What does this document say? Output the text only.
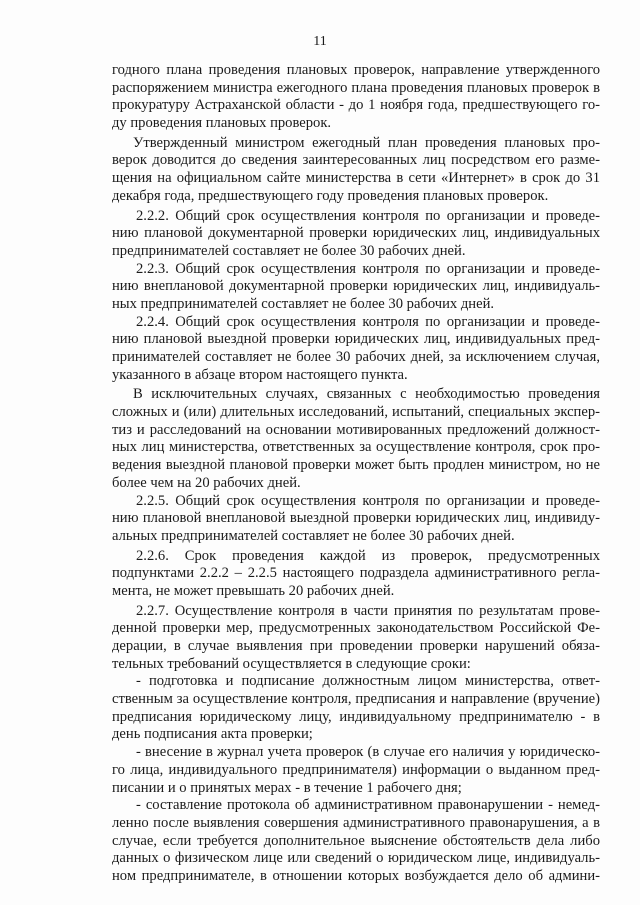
11
годного плана проведения плановых проверок, направление утвержденного
распоряжением министра ежегодного плана проведения плановых проверок в
прокуратуру Астраханской области - до 1 ноября года, предшествующего го-
ду проведения плановых проверок.
Утвержденный министром ежегодный план проведения плановых про-
верок доводится до сведения заинтересованных лиц посредством его разме-
щения на официальном сайте министерства в сети «Интернет» в срок до 31
декабря года, предшествующего году проведения плановых проверок.
2.2.2. Общий срок осуществления контроля по организации и проведе-
нию плановой документарной проверки юридических лиц, индивидуальных
предпринимателей составляет не более 30 рабочих дней.
2.2.3. Общий срок осуществления контроля по организации и проведе-
нию внеплановой документарной проверки юридических лиц, индивидуаль-
ных предпринимателей составляет не более 30 рабочих дней.
2.2.4. Общий срок осуществления контроля по организации и проведе-
нию плановой выездной проверки юридических лиц, индивидуальных пред-
принимателей составляет не более 30 рабочих дней, за исключением случая,
указанного в абзаце втором настоящего пункта.
В исключительных случаях, связанных с необходимостью проведения
сложных и (или) длительных исследований, испытаний, специальных экспер-
тиз и расследований на основании мотивированных предложений должност-
ных лиц министерства, ответственных за осуществление контроля, срок про-
ведения выездной плановой проверки может быть продлен министром, но не
более чем на 20 рабочих дней.
2.2.5. Общий срок осуществления контроля по организации и проведе-
нию плановой внеплановой выездной проверки юридических лиц, индивиду-
альных предпринимателей составляет не более 30 рабочих дней.
2.2.6. Срок проведения каждой из проверок, предусмотренных
подпунктами 2.2.2 – 2.2.5 настоящего подраздела административного регла-
мента, не может превышать 20 рабочих дней.
2.2.7. Осуществление контроля в части принятия по результатам прове-
денной проверки мер, предусмотренных законодательством Российской Фе-
дерации, в случае выявления при проведении проверки нарушений обяза-
тельных требований осуществляется в следующие сроки:
- подготовка и подписание должностным лицом министерства, ответ-
ственным за осуществление контроля, предписания и направление (вручение)
предписания юридическому лицу, индивидуальному предпринимателю - в
день подписания акта проверки;
- внесение в журнал учета проверок (в случае его наличия у юридическо-
го лица, индивидуального предпринимателя) информации о выданном пред-
писании и о принятых мерах - в течение 1 рабочего дня;
- составление протокола об административном правонарушении - немед-
ленно после выявления совершения административного правонарушения, а в
случае, если требуется дополнительное выяснение обстоятельств дела либо
данных о физическом лице или сведений о юридическом лице, индивидуаль-
ном предпринимателе, в отношении которых возбуждается дело об админи-
